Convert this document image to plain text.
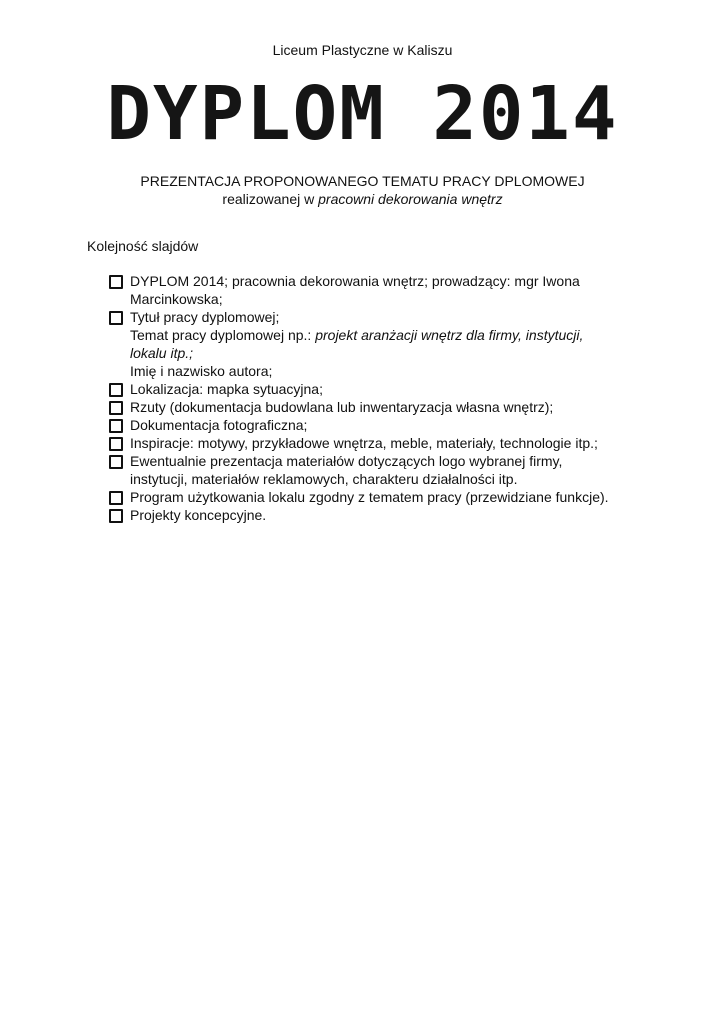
Liceum Plastyczne w Kaliszu
DYPLOM 2014
PREZENTACJA PROPONOWANEGO TEMATU PRACY DPLOMOWEJ
realizowanej w pracowni dekorowania wnętrz
Kolejność slajdów
DYPLOM 2014; pracownia dekorowania wnętrz; prowadzący: mgr Iwona
Marcinkowska;
Tytuł pracy dyplomowej;
Temat pracy dyplomowej np.: projekt aranżacji wnętrz dla firmy, instytucji,
lokalu itp.;
Imię i nazwisko autora;
Lokalizacja: mapka sytuacyjna;
Rzuty (dokumentacja budowlana lub inwentaryzacja własna wnętrz);
Dokumentacja fotograficzna;
Inspiracje: motywy, przykładowe wnętrza, meble, materiały, technologie itp.;
Ewentualnie prezentacja materiałów dotyczących logo wybranej firmy,
instytucji, materiałów reklamowych, charakteru działalności itp.
Program użytkowania lokalu zgodny z tematem pracy (przewidziane funkcje).
Projekty koncepcyjne.
